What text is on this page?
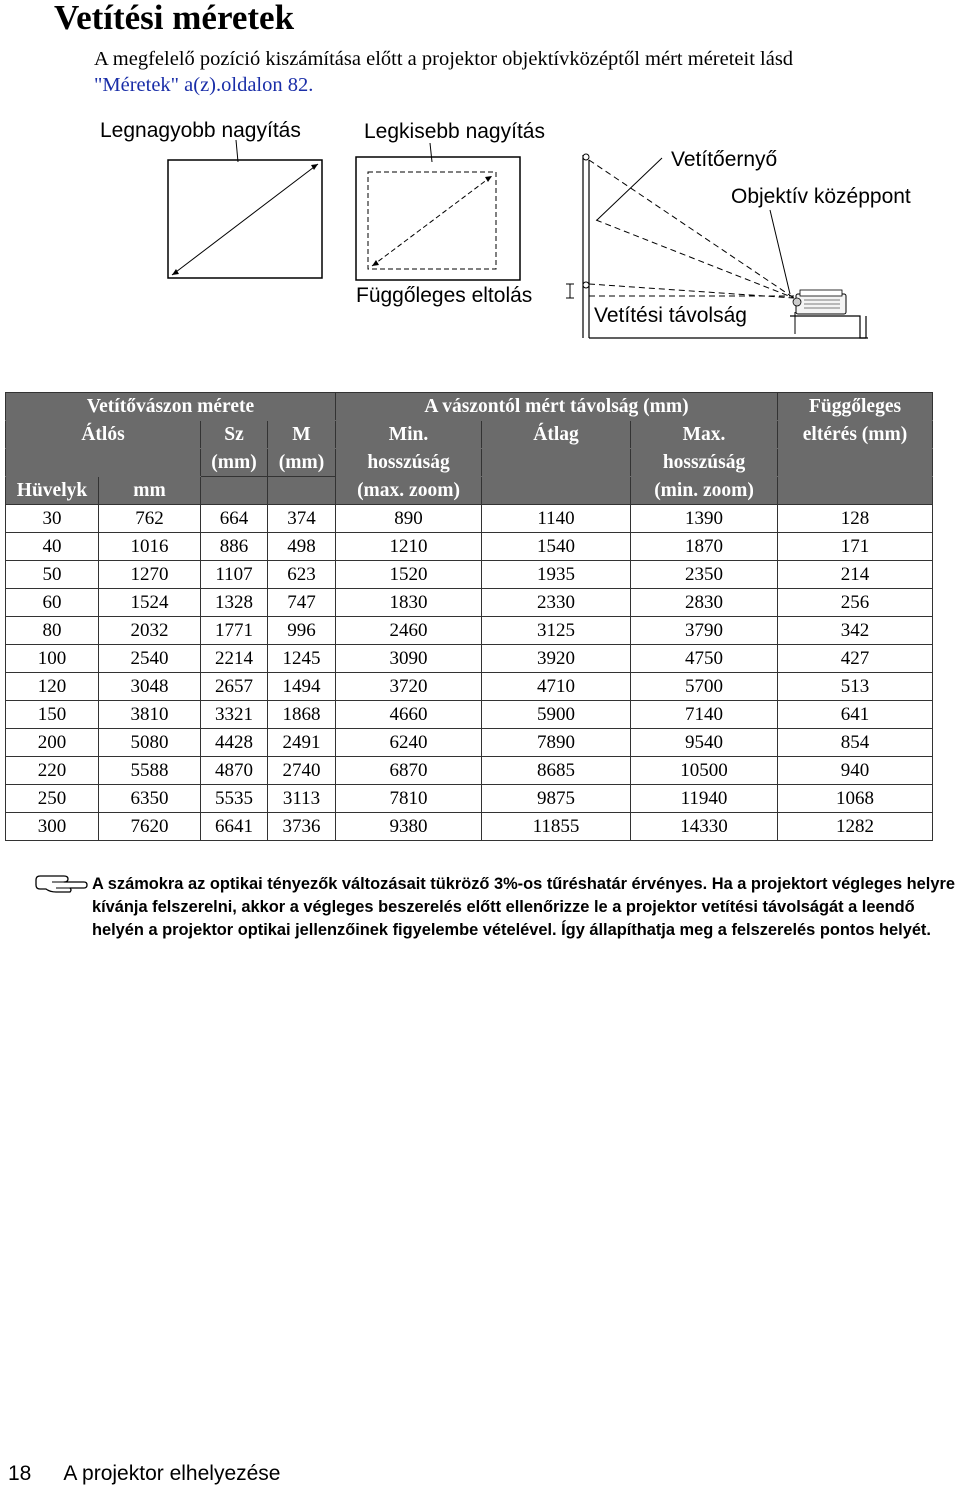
Vetítési méretek
A megfelelő pozíció kiszámítása előtt a projektor objektívközéptől mért méreteit lásd
"Méretek" a(z).oldalon 82.
Legnagyobb nagyítás	Legkisebb nagyítás
Vetítőernyő
Objektív középpont
Függőleges eltolás
Vetítési távolság
Vetítővászon mérete				A vászontól mért távolság (mm)			Függőleges
Átlós		Sz	M	Min.	Átlag	Max.	eltérés (mm)
		(mm)	(mm)	hosszúság		hosszúság	
Hüvelyk	mm			(max. zoom)		(min. zoom)	
30	762	664	374	890	1140	1390	128
40	1016	886	498	1210	1540	1870	171
50	1270	1107	623	1520	1935	2350	214
60	1524	1328	747	1830	2330	2830	256
80	2032	1771	996	2460	3125	3790	342
100	2540	2214	1245	3090	3920	4750	427
120	3048	2657	1494	3720	4710	5700	513
150	3810	3321	1868	4660	5900	7140	641
200	5080	4428	2491	6240	7890	9540	854
220	5588	4870	2740	6870	8685	10500	940
250	6350	5535	3113	7810	9875	11940	1068
300	7620	6641	3736	9380	11855	14330	1282
A számokra az optikai tényezők változásait tükröző 3%-os tűréshatár érvényes. Ha a projektort végleges helyre kívánja felszerelni, akkor a végleges beszerelés előtt ellenőrizze le a projektor vetítési távolságát a leendő helyén a projektor optikai jellenzőinek figyelembe vételével. Így állapíthatja meg a felszerelés pontos helyét.
18 A projektor elhelyezése
